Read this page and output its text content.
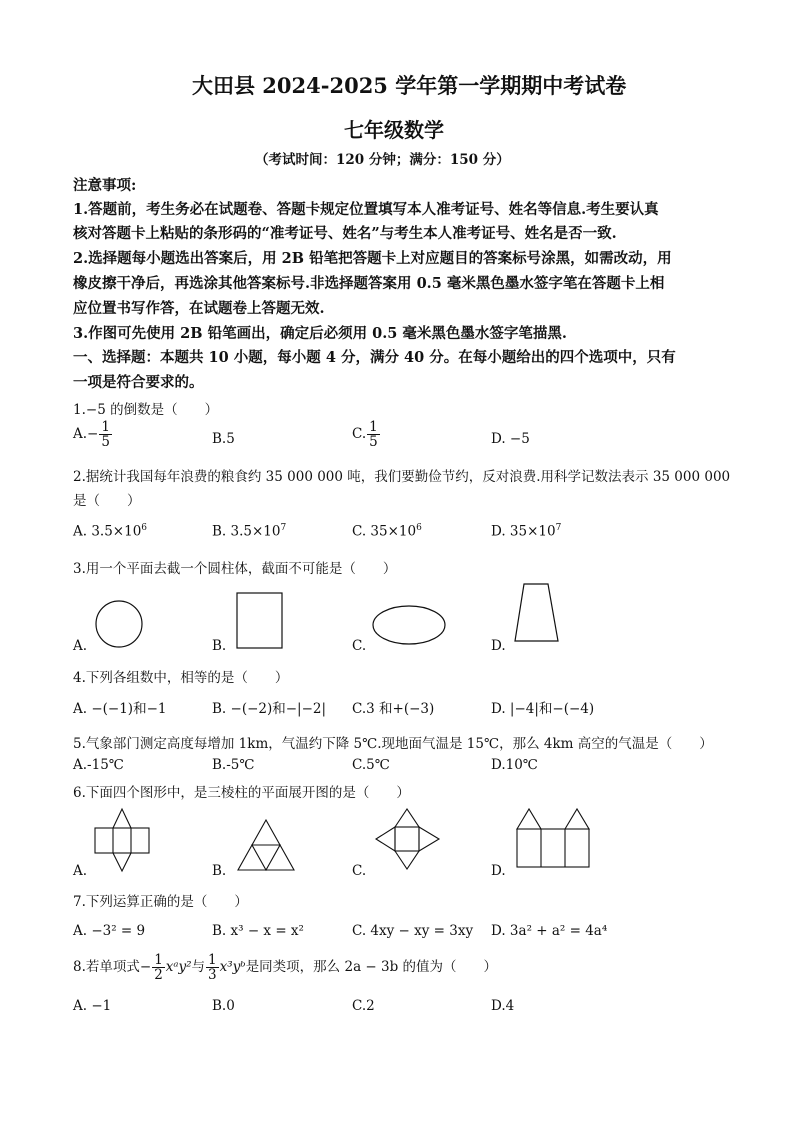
大田县 2024-2025 学年第一学期期中考试卷
七年级数学
（考试时间：120 分钟；满分：150 分）
注意事项:
1.答题前，考生务必在试题卷、答题卡规定位置填写本人准考证号、姓名等信息.考生要认真
核对答题卡上粘贴的条形码的“准考证号、姓名”与考生本人准考证号、姓名是否一致.
2.选择题每小题选出答案后，用 2B 铅笔把答题卡上对应题目的答案标号涂黑，如需改动，用
橡皮擦干净后，再选涂其他答案标号.非选择题答案用 0.5 毫米黑色墨水签字笔在答题卡上相
应位置书写作答，在试题卷上答题无效.
3.作图可先使用 2B 铅笔画出，确定后必须用 0.5 毫米黑色墨水签字笔描黑.
一、选择题：本题共 10 小题，每小题 4 分，满分 40 分。在每小题给出的四个选项中，只有
一项是符合要求的。
1.−5 的倒数是（　　）
$A.- \frac{1}{5}$	B.5	C. $\frac{1}{5}$	D. −5
2.据统计我国每年浪费的粮食约 35 000 000 吨，我们要勤俭节约，反对浪费.用科学记数法表示 35 000 000
是（　　）
A. $3.5\times 10^6$	B. $3.5\times 10^7$	C. $35\times 10^6$	D. $35\times 10^7$
3.用一个平面去截一个圆柱体，截面不可能是（　　）
A.	B.	C.	D.
4.下列各组数中，相等的是（　　）
A. −(−1)和−1	B. −(−2)和−|−2| C.3 和+(−3)	D. |−4|和−(−4)
5.气象部门测定高度每增加 1km，气温约下降 5℃.现地面气温是 15℃，那么 4km 高空的气温是（　　）
A.-15℃	B.-5℃	C.5℃	D.10℃
6.下面四个图形中，是三棱柱的平面展开图的是（　　）
A.	B.	C.	D.
7.下列运算正确的是（　　）
A. −3² = 9	B. x³ − x = x²	C. 4xy − xy = 3xy D. 3a² + a² = 4a⁴
8.若单项式− $\frac{1}{2}$ xᵃy²与 $\frac{1}{3}$ x³yᵇ是同类项，那么 2a − 3b 的值为（　　）
A. −1	B.0	C.2	D.4
